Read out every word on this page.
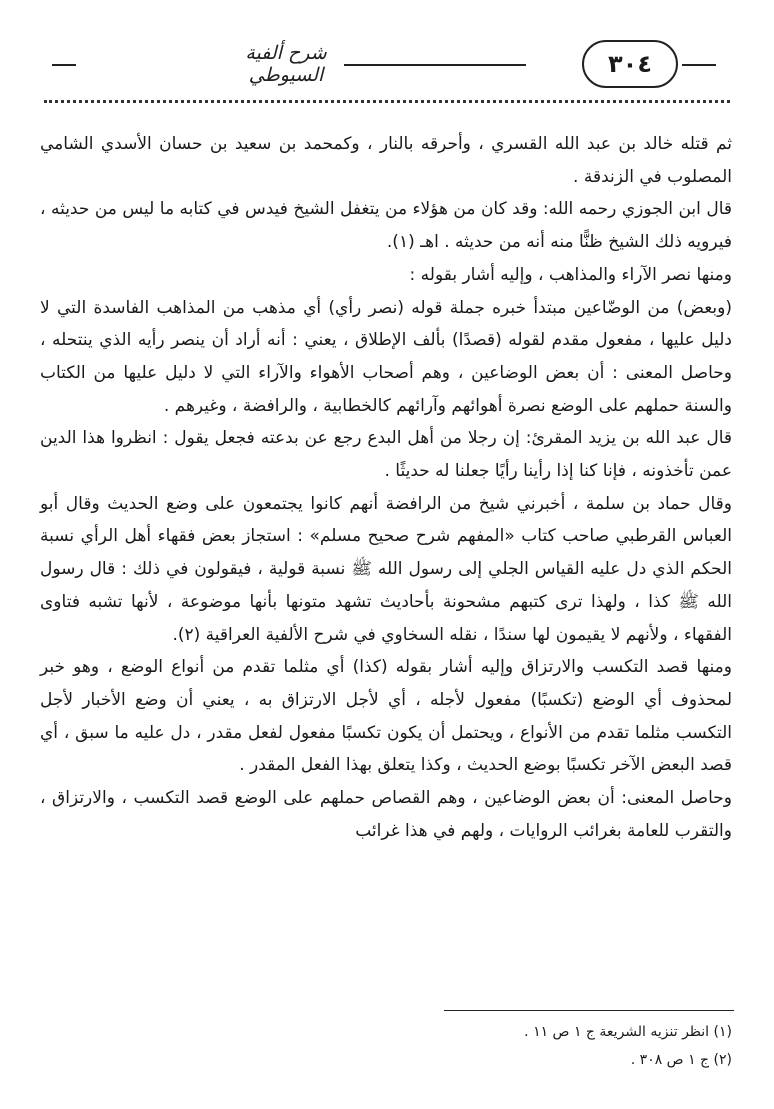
شرح ألفية السيوطي	٣٠٤

ثم قتله خالد بن عبد الله القسري ، وأحرقه بالنار ، وكمحمد بن سعيد بن حسان الأسدي الشامي المصلوب في الزندقة .

قال ابن الجوزي رحمه الله: وقد كان من هؤلاء من يتغفل الشيخ فيدس في كتابه ما ليس من حديثه ، فيرويه ذلك الشيخ ظنًّا منه أنه من حديثه . اهـ (١).

ومنها نصر الآراء والمذاهب ، وإليه أشار بقوله :

(وبعض) من الوضّاعين مبتدأ خبره جملة قوله (نصر رأي) أي مذهب من المذاهب الفاسدة التي لا دليل عليها ، مفعول مقدم لقوله (قصدًا) بألف الإطلاق ، يعني : أنه أراد أن ينصر رأيه الذي ينتحله ، وحاصل المعنى : أن بعض الوضاعين ، وهم أصحاب الأهواء والآراء التي لا دليل عليها من الكتاب والسنة حملهم على الوضع نصرة أهوائهم وآرائهم كالخطابية ، والرافضة ، وغيرهم .

قال عبد الله بن يزيد المقرئ: إن رجلا من أهل البدع رجع عن بدعته فجعل يقول : انظروا هذا الدين عمن تأخذونه ، فإنا كنا إذا رأينا رأيًا جعلنا له حديثًا .

وقال حماد بن سلمة ، أخبرني شيخ من الرافضة أنهم كانوا يجتمعون على وضع الحديث وقال أبو العباس القرطبي صاحب كتاب «المفهم شرح صحيح مسلم» : استجاز بعض فقهاء أهل الرأي نسبة الحكم الذي دل عليه القياس الجلي إلى رسول الله ﷺ نسبة قولية ، فيقولون في ذلك : قال رسول الله ﷺ كذا ، ولهذا ترى كتبهم مشحونة بأحاديث تشهد متونها بأنها موضوعة ، لأنها تشبه فتاوى الفقهاء ، ولأنهم لا يقيمون لها سندًا ، نقله السخاوي في شرح الألفية العراقية (٢).

ومنها قصد التكسب والارتزاق وإليه أشار بقوله (كذا) أي مثلما تقدم من أنواع الوضع ، وهو خبر لمحذوف أي الوضع (تكسبًا) مفعول لأجله ، أي لأجل الارتزاق به ، يعني أن وضع الأخبار لأجل التكسب مثلما تقدم من الأنواع ، ويحتمل أن يكون تكسبًا مفعول لفعل مقدر ، دل عليه ما سبق ، أي قصد البعض الآخر تكسبًا بوضع الحديث ، وكذا يتعلق بهذا الفعل المقدر .

وحاصل المعنى: أن بعض الوضاعين ، وهم القصاص حملهم على الوضع قصد التكسب ، والارتزاق ، والتقرب للعامة بغرائب الروايات ، ولهم في هذا غرائب

(١) انظر تنزيه الشريعة ج ١ ص ١١ .

(٢) ج ١ ص ٣٠٨ .
